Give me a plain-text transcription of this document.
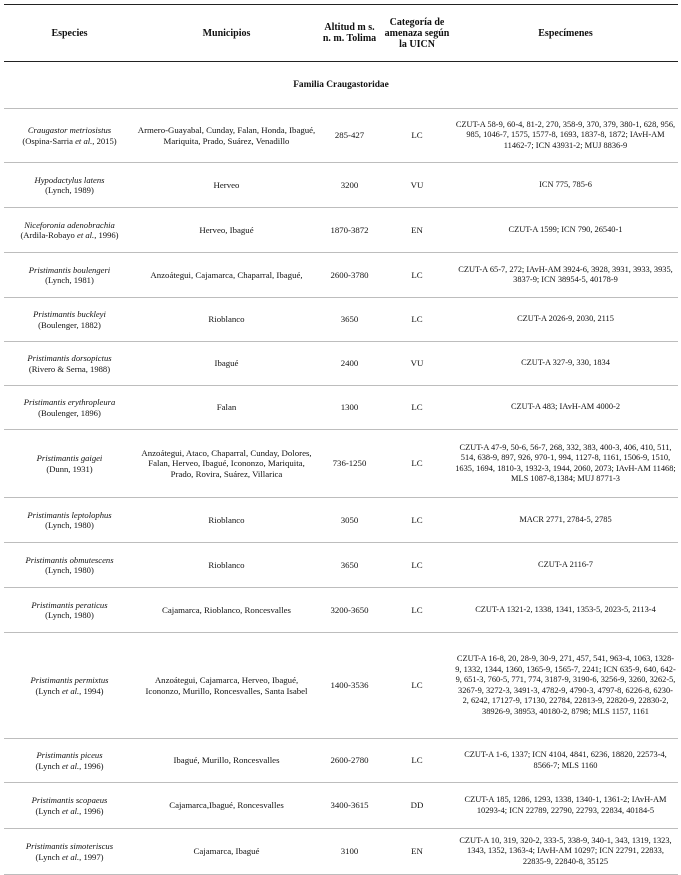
Especies	Municipios	Altitud m s. n. m. Tolima	Categoría de amenaza según la UICN	Especímenes
Familia Craugastoridae				

Craugastor metriosistus
(Ospina-Sarria et al., 2015)	Armero-Guayabal, Cunday, Falan, Honda, Ibagué, Mariquita, Prado, Suárez, Venadillo	285-427	LC	CZUT-A 58-9, 60-4, 81-2, 270, 358-9, 370, 379, 380-1, 628, 956, 985, 1046-7, 1575, 1577-8, 1693, 1837-8, 1872; IAvH-AM 11462-7; ICN 43931-2; MUJ 8836-9

Hypodactylus latens
(Lynch, 1989)	Herveo	3200	VU	ICN 775, 785-6

Niceforonia adenobrachia
(Ardila-Robayo et al., 1996)	Herveo, Ibagué	1870-3872	EN	CZUT-A 1599; ICN 790, 26540-1

Pristimantis boulengeri
(Lynch, 1981)	Anzoátegui, Cajamarca, Chaparral, Ibagué,	2600-3780	LC	CZUT-A 65-7, 272; IAvH-AM 3924-6, 3928, 3931, 3933, 3935, 3837-9; ICN 38954-5, 40178-9

Pristimantis buckleyi
(Boulenger, 1882)	Rioblanco	3650	LC	CZUT-A 2026-9, 2030, 2115

Pristimantis dorsopictus
(Rivero & Serna, 1988)	Ibagué	2400	VU	CZUT-A 327-9, 330, 1834

Pristimantis erythropleura
(Boulenger, 1896)	Falan	1300	LC	CZUT-A 483; IAvH-AM 4000-2

Pristimantis gaigei
(Dunn, 1931)	Anzoátegui, Ataco, Chaparral, Cunday, Dolores, Falan, Herveo, Ibagué, Icononzo, Mariquita, Prado, Rovira, Suárez, Villarica	736-1250	LC	CZUT-A 47-9, 50-6, 56-7, 268, 332, 383, 400-3, 406, 410, 511, 514, 638-9, 897, 926, 970-1, 994, 1127-8, 1161, 1506-9, 1510, 1635, 1694, 1810-3, 1932-3, 1944, 2060, 2073; IAvH-AM 11468; MLS 1087-8,1384; MUJ 8771-3

Pristimantis leptolophus
(Lynch, 1980)	Rioblanco	3050	LC	MACR 2771, 2784-5, 2785

Pristimantis obmutescens
(Lynch, 1980)	Rioblanco	3650	LC	CZUT-A 2116-7

Pristimantis peraticus
(Lynch, 1980)	Cajamarca, Rioblanco, Roncesvalles	3200-3650	LC	CZUT-A 1321-2, 1338, 1341, 1353-5, 2023-5, 2113-4

Pristimantis permixtus
(Lynch et al., 1994)	Anzoátegui, Cajamarca, Herveo, Ibagué, Icononzo, Murillo, Roncesvalles, Santa Isabel	1400-3536	LC	CZUT-A 16-8, 20, 28-9, 30-9, 271, 457, 541, 963-4, 1063, 1328-9, 1332, 1344, 1360, 1365-9, 1565-7, 2241; ICN 635-9, 640, 642-9, 651-3, 760-5, 771, 774, 3187-9, 3190-6, 3256-9, 3260, 3262-5, 3267-9, 3272-3, 3491-3, 4782-9, 4790-3, 4797-8, 6226-8, 6230-2, 6242, 17127-9, 17130, 22784, 22813-9, 22820-9, 22830-2, 38926-9, 38953, 40180-2, 8798; MLS 1157, 1161

Pristimantis piceus
(Lynch et al., 1996)	Ibagué, Murillo, Roncesvalles	2600-2780	LC	CZUT-A 1-6, 1337; ICN 4104, 4841, 6236, 18820, 22573-4, 8566-7; MLS 1160

Pristimantis scopaeus
(Lynch et al., 1996)	Cajamarca,Ibagué, Roncesvalles	3400-3615	DD	CZUT-A 185, 1286, 1293, 1338, 1340-1, 1361-2; IAvH-AM 10293-4; ICN 22789, 22790, 22793, 22834, 40184-5

Pristimantis simoteriscus
(Lynch et al., 1997)	Cajamarca, Ibagué	3100	EN	CZUT-A 10, 319, 320-2, 333-5, 338-9, 340-1, 343, 1319, 1323, 1343, 1352, 1363-4; IAvH-AM 10297; ICN 22791, 22833, 22835-9, 22840-8, 35125
